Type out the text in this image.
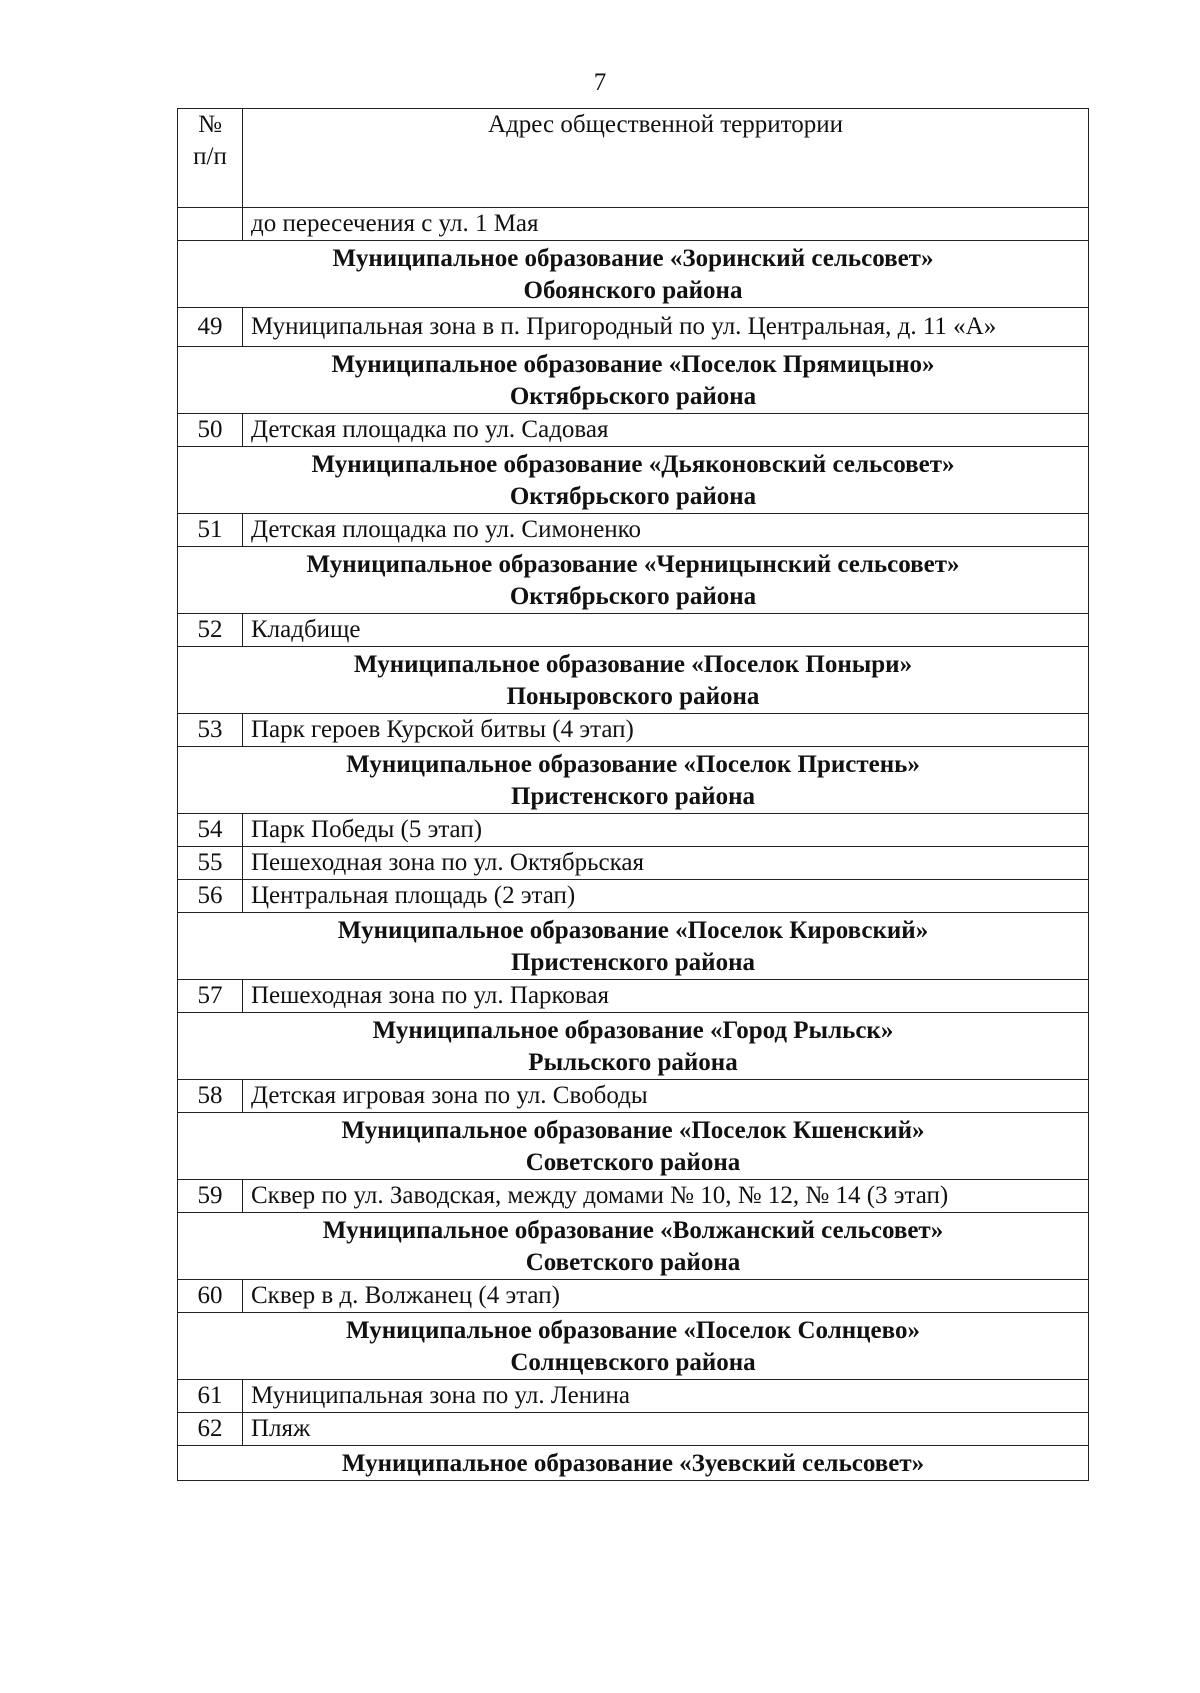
7
№
п/п	Адрес общественной территории
	до пересечения с ул. 1 Мая

Муниципальное образование «Зоринский сельсовет»
Обоянского района	

49	Муниципальная зона в п. Пригородный по ул. Центральная, д. 11 «А»

Муниципальное образование «Поселок Прямицыно»
Октябрьского района	

50	Детская площадка по ул. Садовая

Муниципальное образование «Дьяконовский сельсовет»
Октябрьского района	

51	Детская площадка по ул. Симоненко

Муниципальное образование «Черницынский сельсовет»
Октябрьского района	

52	Кладбище

Муниципальное образование «Поселок Поныри»
Поныровского района	

53	Парк героев Курской битвы (4 этап)

Муниципальное образование «Поселок Пристень»
Пристенского района	

54	Парк Победы (5 этап)
55	Пешеходная зона по ул. Октябрьская
56	Центральная площадь (2 этап)

Муниципальное образование «Поселок Кировский»
Пристенского района	

57	Пешеходная зона по ул. Парковая

Муниципальное образование «Город Рыльск»
Рыльского района	

58	Детская игровая зона по ул. Свободы

Муниципальное образование «Поселок Кшенский»
Советского района	

59	Сквер по ул. Заводская, между домами № 10, № 12, № 14 (3 этап)

Муниципальное образование «Волжанский сельсовет»
Советского района	

60	Сквер в д. Волжанец (4 этап)

Муниципальное образование «Поселок Солнцево»
Солнцевского района	

61	Муниципальная зона по ул. Ленина
62	Пляж

Муниципальное образование «Зуевский сельсовет»	
